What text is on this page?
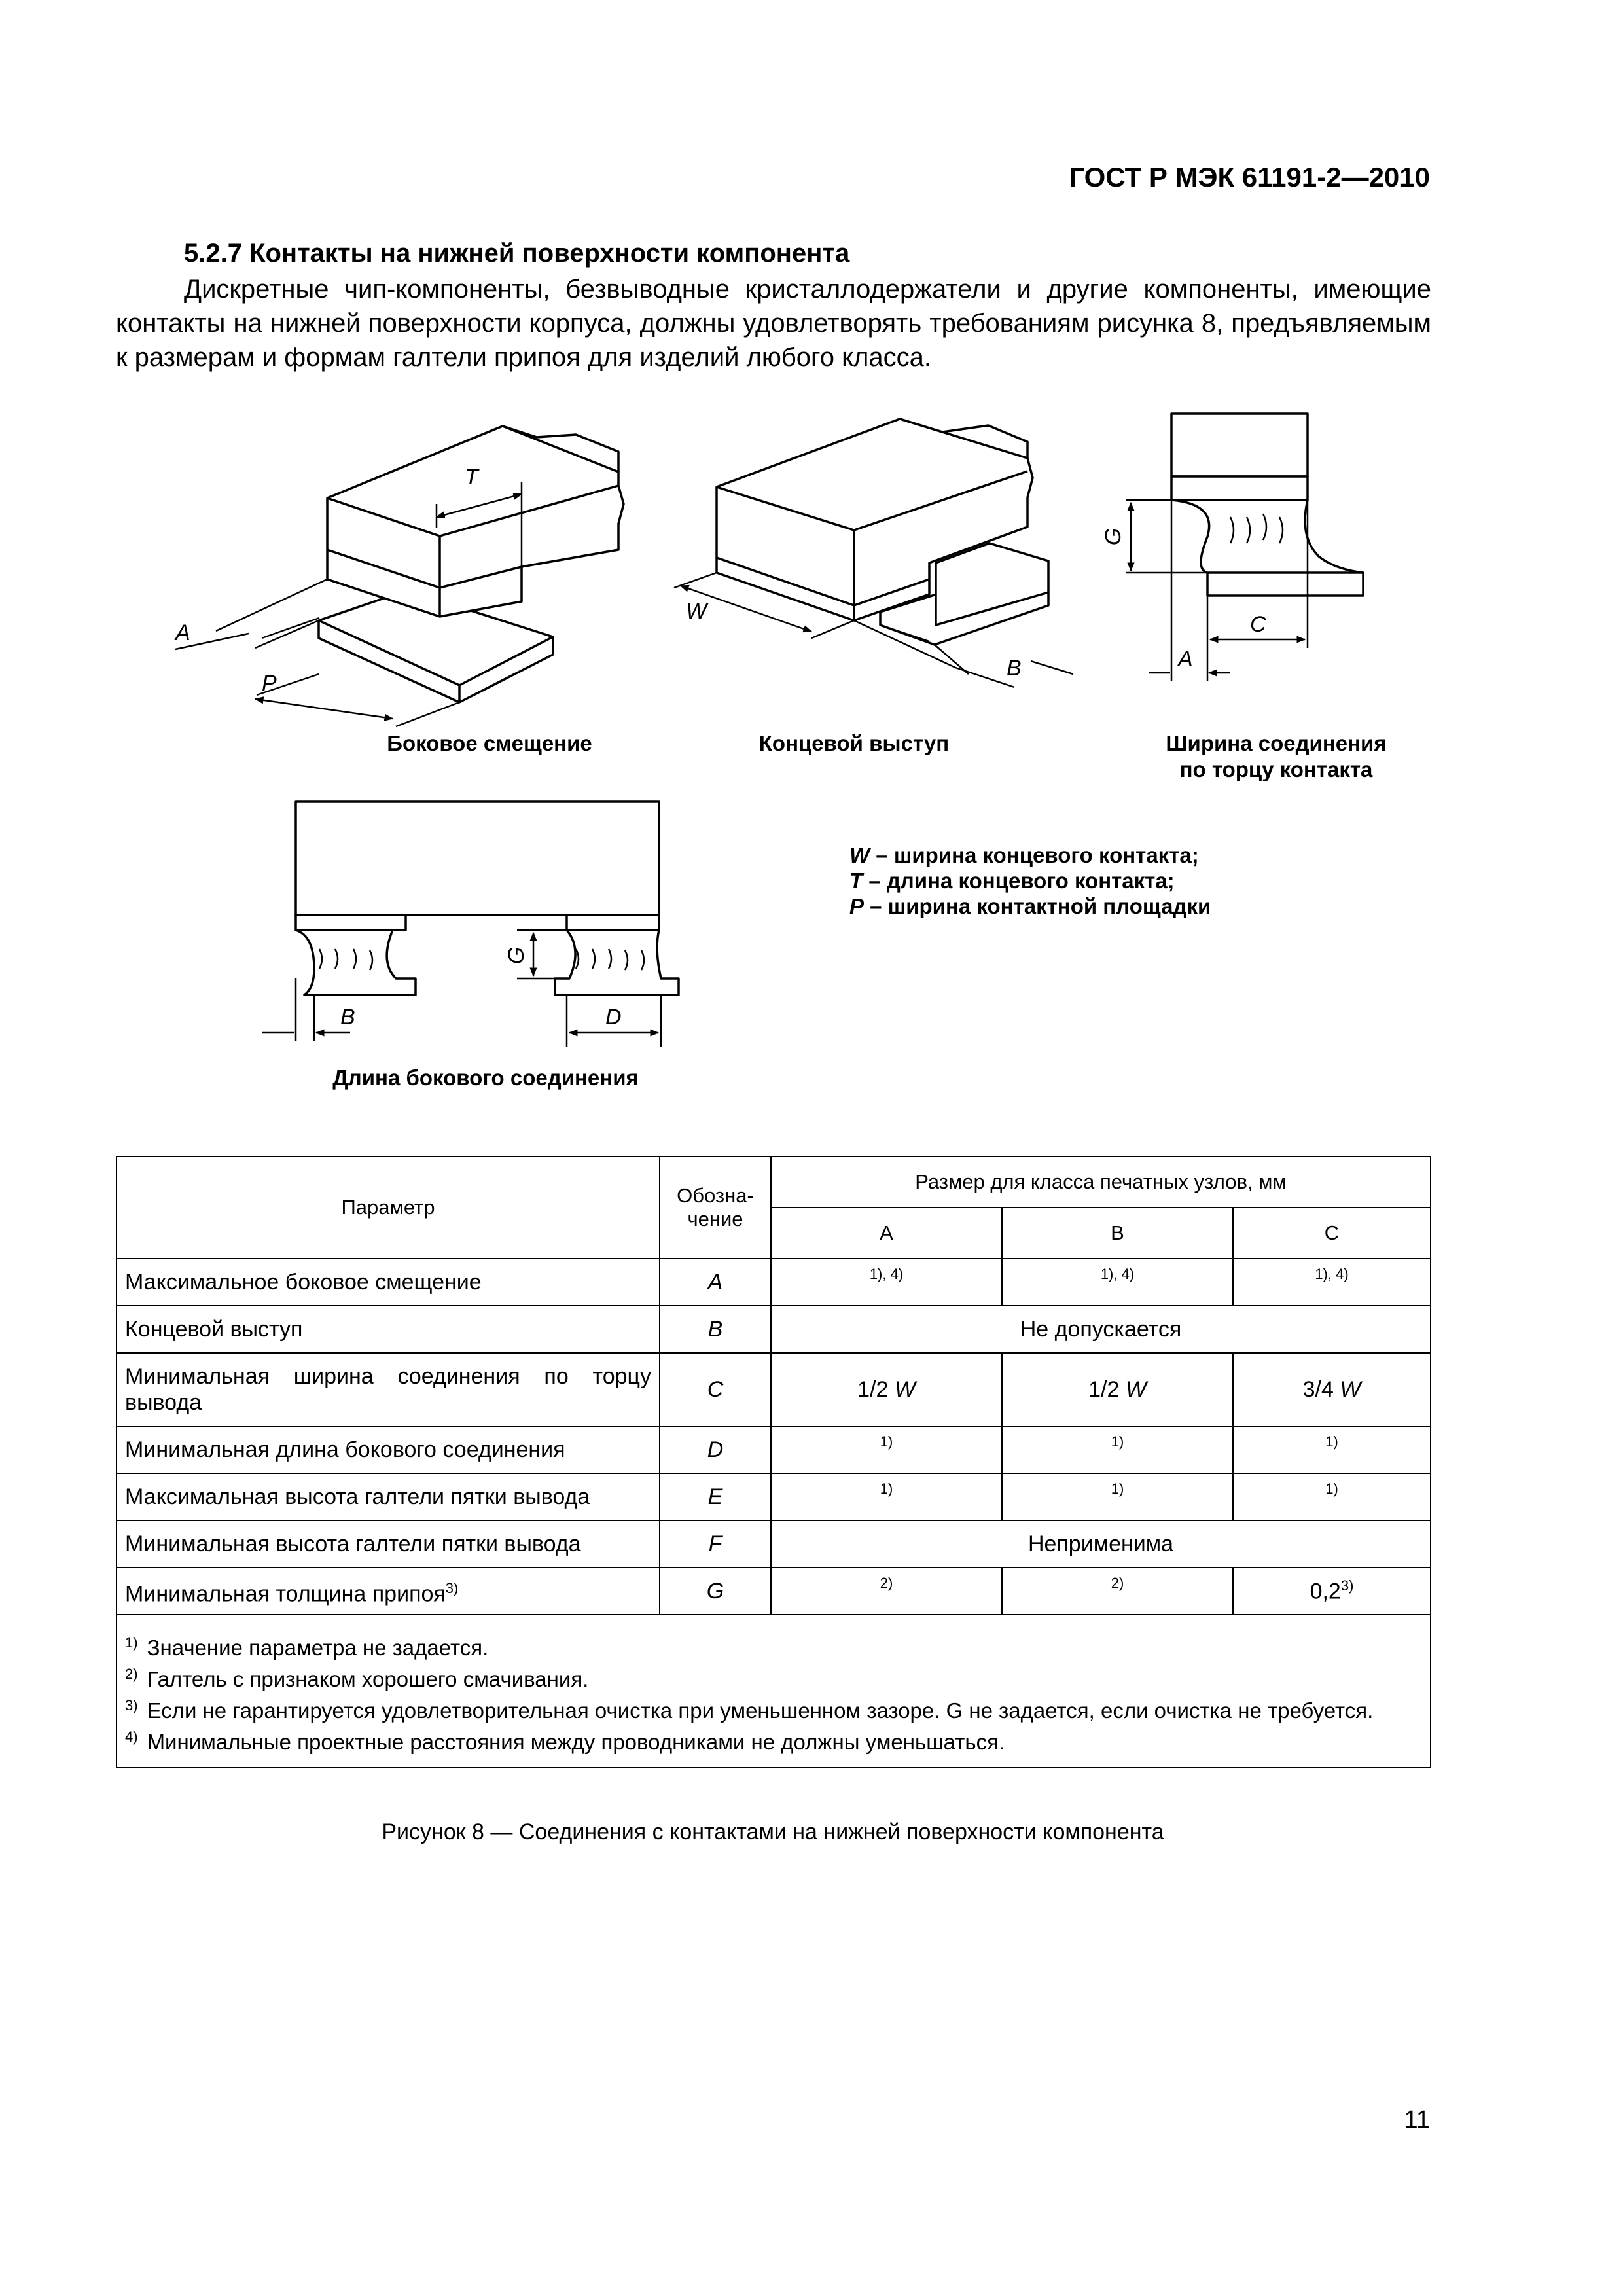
ГОСТ Р МЭК 61191-2—2010
5.2.7 Контакты на нижней поверхности компонента
Дискретные чип-компоненты, безвыводные кристаллодержатели и другие компоненты, имеющие контакты на нижней поверхности корпуса, должны удовлетворять требованиям рисунка 8, предъявляемым к размерам и формам галтели припоя для изделий любого класса.
T
A
P
Боковое смещение
W
B
Концевой выступ
G
C
A
Ширина соединения
по торцу контакта
G
B	D
Длина бокового соединения
W – ширина концевого контакта;
T – длина концевого контакта;
P – ширина контактной площадки
Параметр	Обозна-чение	Размер для класса печатных узлов, мм		
		A	B	C
Максимальное боковое смещение	A	1), 4)	1), 4)	1), 4)
Концевой выступ	B	Не допускается		
Минимальная ширина соединения по торцу вывода	C	1/2 W	1/2 W	3/4 W
Минимальная длина бокового соединения	D	1)	1)	1)
Максимальная высота галтели пятки вывода	E	1)	1)	1)
Минимальная высота галтели пятки вывода	F	Неприменима		
Минимальная толщина припоя$^{3)}$	G	2)	2)	0,2$^{3)}$

$^{1)}$ Значение параметра не задается.
$^{2)}$ Галтель с признаком хорошего смачивания.
$^{3)}$ Если не гарантируется удовлетворительная очистка при уменьшенном зазоре. G не задается, если очистка не требуется.
$^{4)}$ Минимальные проектные расстояния между проводниками не должны уменьшаться.				
Рисунок 8 — Соединения с контактами на нижней поверхности компонента
11
